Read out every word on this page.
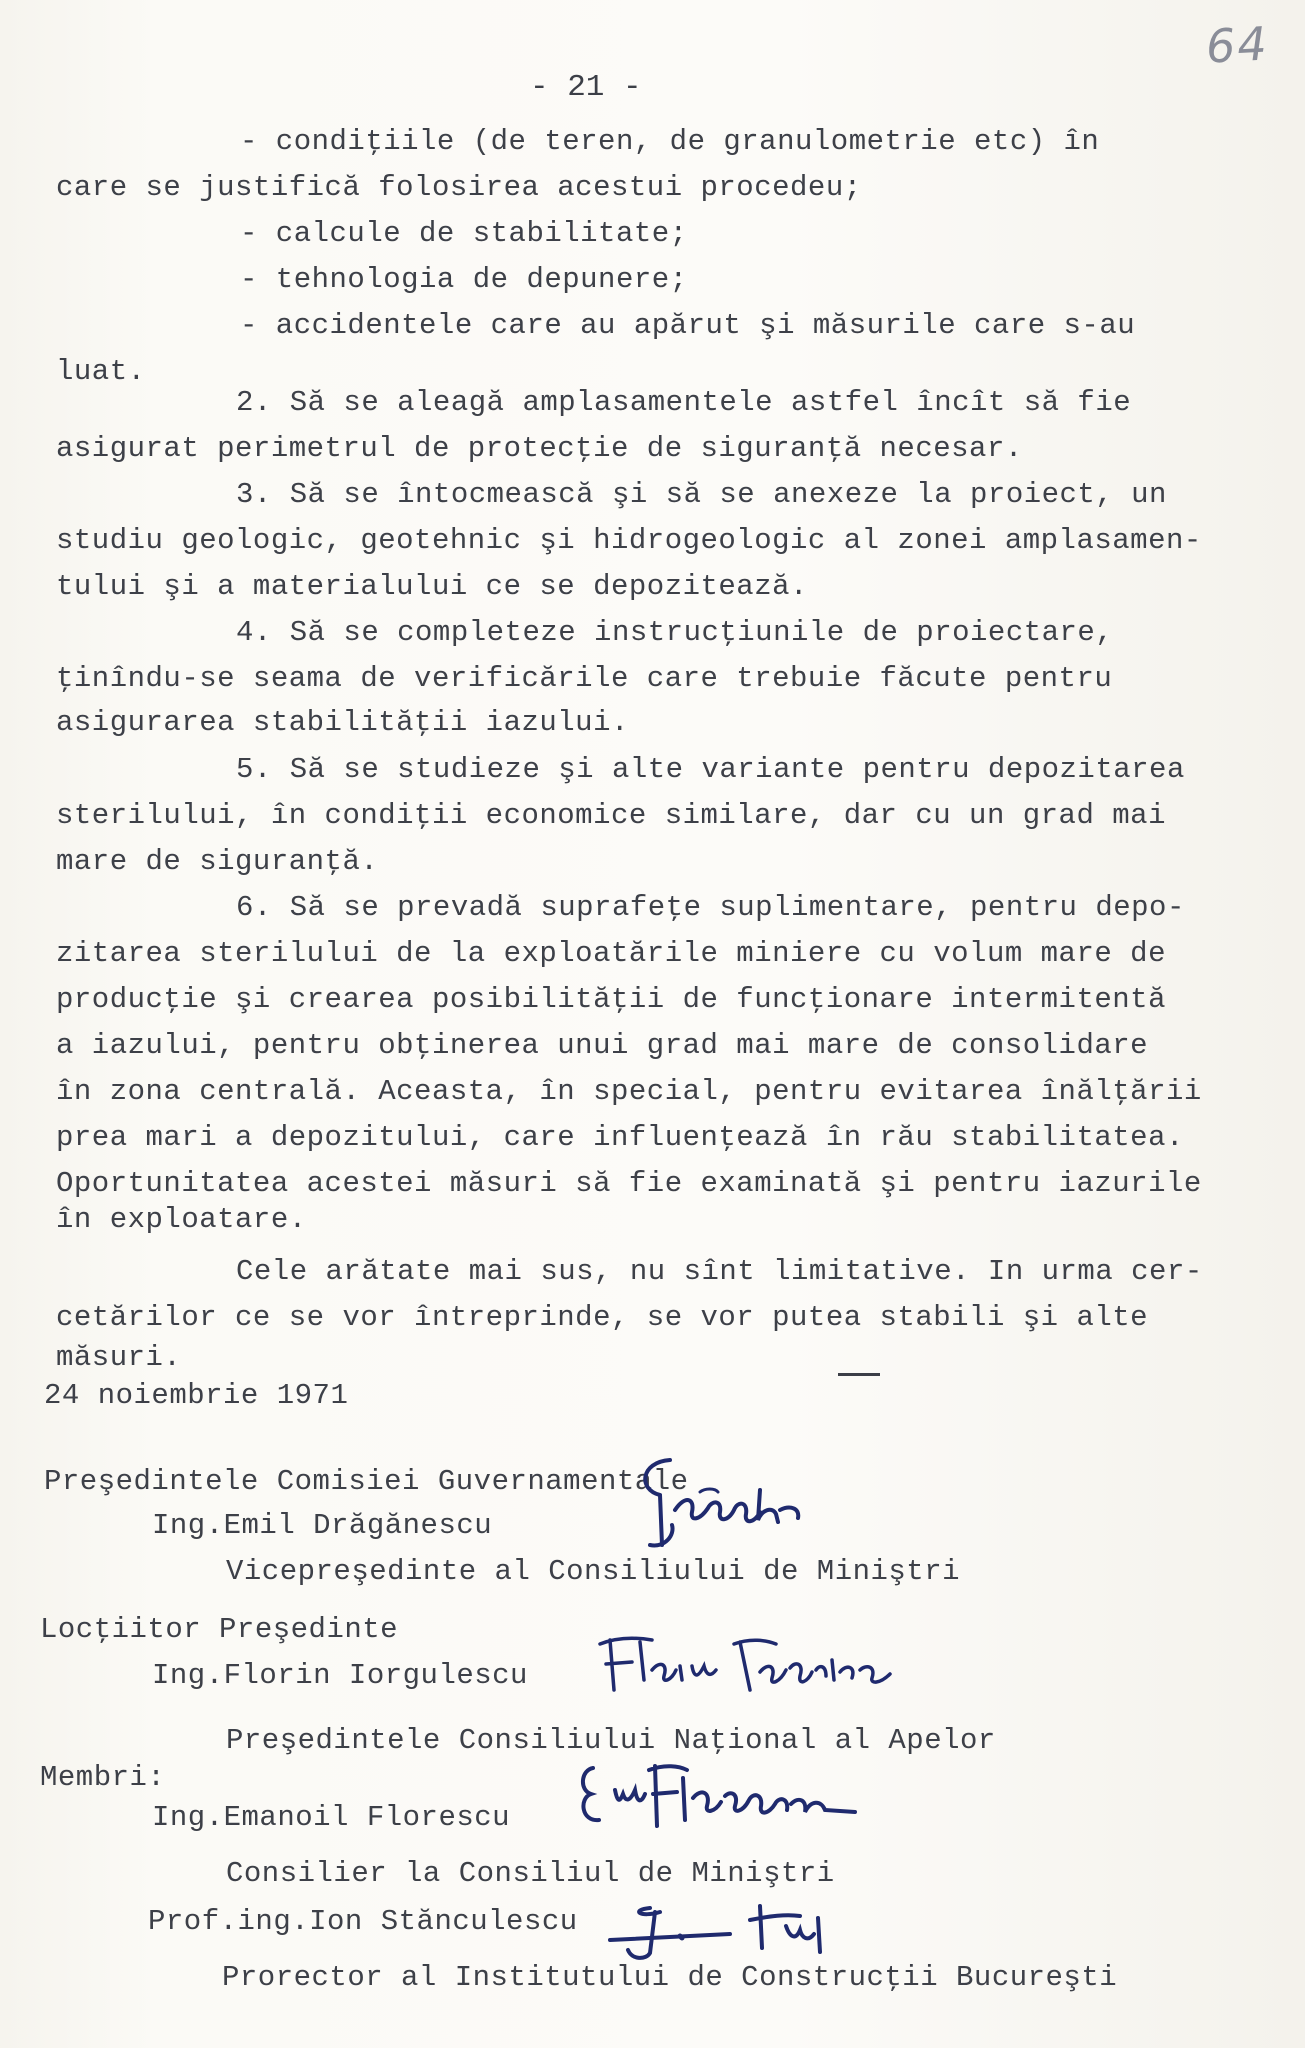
64
- 21 -
- condiţiile (de teren, de granulometrie etc) în
care se justifică folosirea acestui procedeu;
- calcule de stabilitate;
- tehnologia de depunere;
- accidentele care au apărut şi măsurile care s-au
luat.
2. Să se aleagă amplasamentele astfel încît să fie
asigurat perimetrul de protecţie de siguranţă necesar.
3. Să se întocmească şi să se anexeze la proiect, un
studiu geologic, geotehnic şi hidrogeologic al zonei amplasamen-
tului şi a materialului ce se depozitează.
4. Să se completeze instrucţiunile de proiectare,
ţinîndu-se seama de verificările care trebuie făcute pentru
asigurarea stabilităţii iazului.
5. Să se studieze şi alte variante pentru depozitarea
sterilului, în condiţii economice similare, dar cu un grad mai
mare de siguranţă.
6. Să se prevadă suprafeţe suplimentare, pentru depo-
zitarea sterilului de la exploatările miniere cu volum mare de
producţie şi crearea posibilităţii de funcţionare intermitentă
a iazului, pentru obţinerea unui grad mai mare de consolidare
în zona centrală. Aceasta, în special, pentru evitarea înălţării
prea mari a depozitului, care influenţează în rău stabilitatea.
Oportunitatea acestei măsuri să fie examinată şi pentru iazurile
în exploatare.
Cele arătate mai sus, nu sînt limitative. In urma cer-
cetărilor ce se vor întreprinde, se vor putea stabili şi alte
măsuri.
24 noiembrie 1971
Preşedintele Comisiei Guvernamentale
Ing.Emil Drăgănescu
Vicepreşedinte al Consiliului de Miniştri
Locţiitor Preşedinte
Ing.Florin Iorgulescu
Preşedintele Consiliului Naţional al Apelor
Membri:
Ing.Emanoil Florescu
Consilier la Consiliul de Miniştri
Prof.ing.Ion Stănculescu
Prorector al Institutului de Construcţii Bucureşti
